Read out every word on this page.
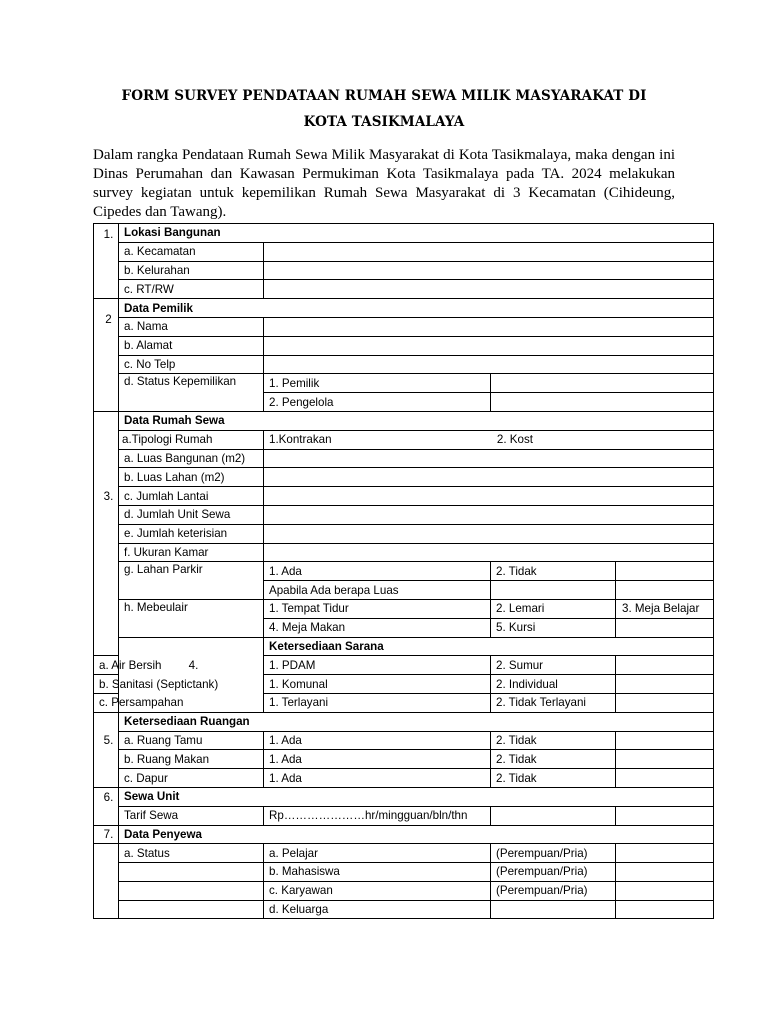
FORM SURVEY PENDATAAN RUMAH SEWA MILIK MASYARAKAT DI
KOTA TASIKMALAYA
Dalam rangka Pendataan Rumah Sewa Milik Masyarakat di Kota Tasikmalaya, maka dengan ini Dinas Perumahan dan Kawasan Permukiman Kota Tasikmalaya pada TA. 2024 melakukan survey kegiatan untuk kepemilikan Rumah Sewa Masyarakat di 3 Kecamatan (Cihideung, Cipedes dan Tawang).
1.	Lokasi Bangunan			
	a. Kecamatan			
	b. Kelurahan			
	c. RT/RW			
2	Data Pemilik			
	a. Nama			
	b. Alamat			
	c. No Telp			
	d. Status Kepemilikan	1. Pemilik		
		2. Pengelola		
3.	Data Rumah Sewa			
	a.Tipologi Rumah	1.Kontrakan 2. Kost		

	a. Luas Bangunan (m2)			
	b. Luas Lahan (m2)			
	c. Jumlah Lantai			
	d. Jumlah Unit Sewa			
	e. Jumlah keterisian			
	f. Ukuran Kamar			
	g. Lahan Parkir	1. Ada	2. Tidak	
		Apabila Ada berapa Luas		
	h. Mebeulair	1. Tempat Tidur	2. Lemari	3. Meja Belajar
		4. Meja Makan	5. Kursi	
	4.	Ketersediaan Sarana		
a. Air Bersih		1. PDAM	2. Sumur	
b. Sanitasi (Septictank)		1. Komunal	2. Individual	
c. Persampahan		1. Terlayani	2. Tidak Terlayani	
5.	Ketersediaan Ruangan			
	a. Ruang Tamu	1. Ada	2. Tidak	
	b. Ruang Makan	1. Ada	2. Tidak	
	c. Dapur	1. Ada	2. Tidak	
6.	Sewa Unit			
	Tarif Sewa	Rp…………………hr/mingguan/bln/thn		
7.	Data Penyewa			
	a. Status	a. Pelajar	(Perempuan/Pria)	
		b. Mahasiswa	(Perempuan/Pria)	
		c. Karyawan	(Perempuan/Pria)	
		d. Keluarga		
